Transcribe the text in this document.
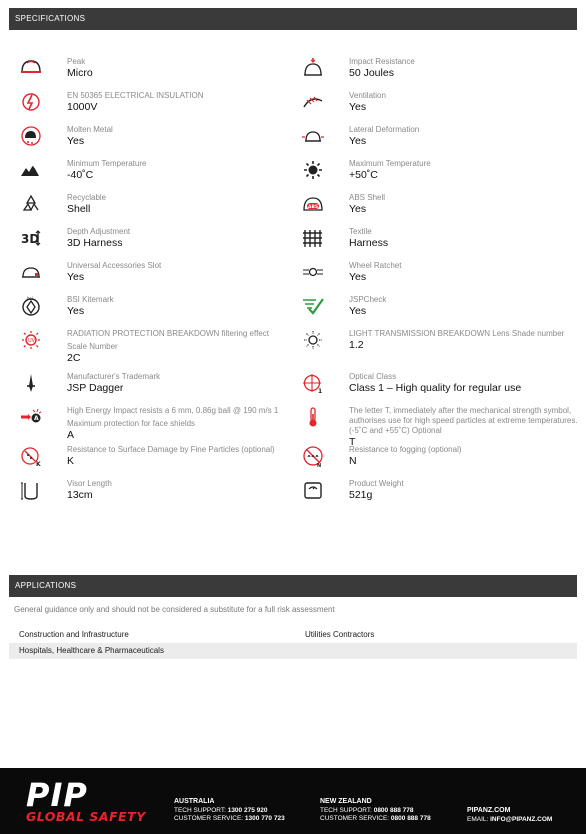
SPECIFICATIONS
Peak
Micro
EN 50365 ELECTRICAL INSULATION
1000V
Molten Metal
Yes
Minimum Temperature
-40˚C
Recyclable
Shell
3D
Depth Adjustment
3D Harness
Universal Accessories Slot
Yes
bsi	BSI Kitemark
Yes
UV
RADIATION PROTECTION BREAKDOWN filtering effect
Scale Number
2C
Manufacturer's Trademark
JSP Dagger
A
High Energy Impact resists a 6 mm, 0.86g ball @ 190 m/s 1
Maximum protection for face shields
A
K
Resistance to Surface Damage by Fine Particles (optional)
K
Visor Length
13cm
Impact Resistance
50 Joules
Ventilation
Yes
Lateral Deformation
Yes
Maximum Temperature
+50˚C
ABS
ABS Shell
Yes
Textile
Harness
Wheel Ratchet
Yes
JSPCheck
Yes
LIGHT TRANSMISSION BREAKDOWN Lens Shade number
1.2
1
Optical Class
Class 1 – High quality for regular use
The letter T, immediately after the mechanical strength symbol, authorises use for high speed particles at extreme temperatures. (-5˚C and +55˚C) Optional
T
N
Resistance to fogging (optional)
N
Product Weight
521g
APPLICATIONS
General guidance only and should not be considered a substitute for a full risk assessment
Construction and Infrastructure	Utilities Contractors
Hospitals, Healthcare & Pharmaceuticals
PIP
GLOBAL SAFETY
AUSTRALIA
TECH SUPPORT: 1300 275 920
CUSTOMER SERVICE: 1300 770 723
NEW ZEALAND
TECH SUPPORT: 0800 888 778
CUSTOMER SERVICE: 0800 888 778
PIPANZ.COM
EMAIL: INFO@PIPANZ.COM
